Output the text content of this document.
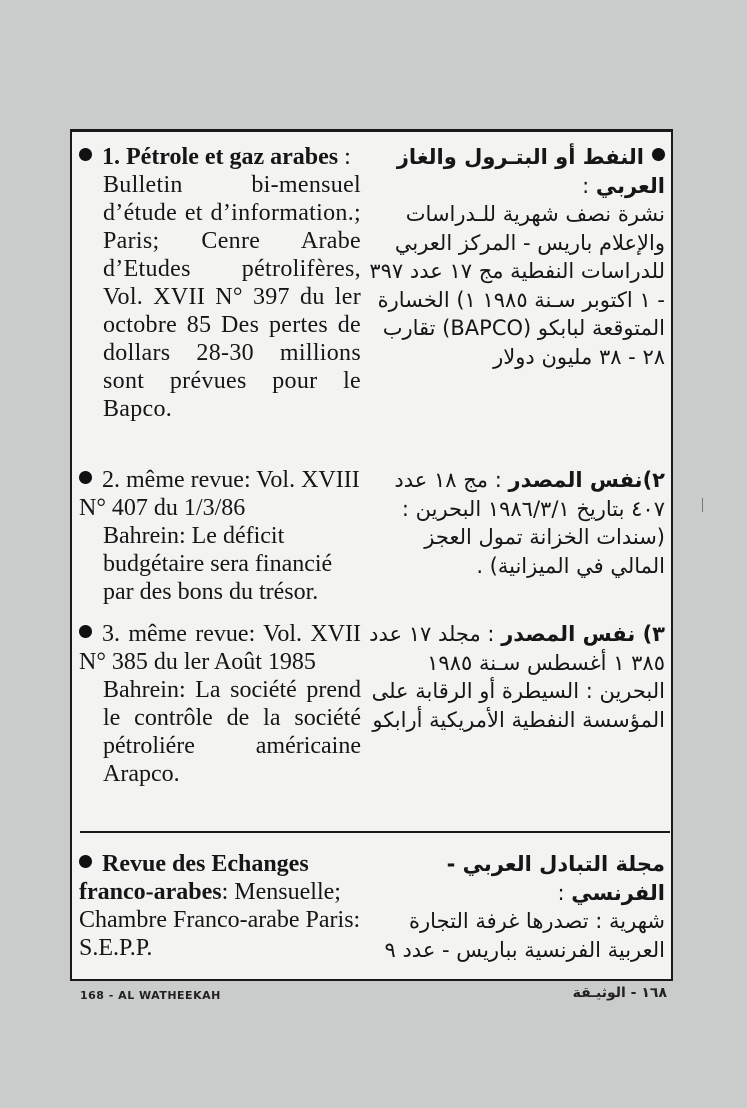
1. Pétrole et gaz arabes :
Bulletin bi-mensuel d’étude et d’information.; Paris; Cenre Arabe d’Etudes pétrolifères, Vol. XVII N° 397 du ler octobre 85 Des pertes de dollars 28-30 millions sont prévues pour le Bapco.
2. même revue: Vol. XVIII N° 407 du 1/3/86
Bahrein: Le déficit budgétaire sera financié par des bons du trésor.
3. même revue: Vol. XVII N° 385 du ler Août 1985
Bahrein: La société prend le contrôle de la société pétroliére américaine Arapco.
Revue des Echanges franco-arabes: Mensuelle; Chambre Franco-arabe Paris: S.E.P.P.
النفط أو البتـرول والغاز العربي :
نشرة نصف شهرية للـدراسات والإعلام باريس - المركز العربي للدراسات النفطية مج ١٧ عدد ٣٩٧ - ١ اكتوبر سـنة ١٩٨٥ ١) الخسارة المتوقعة لبابكو (BAPCO) تقارب ٢٨ - ٣٨ مليون دولار
٢)نفس المصدر : مج ١٨ عدد ٤٠٧ بتاريخ ١٩٨٦/٣/١ البحرين : (سندات الخزانة تمول العجز المالي في الميزانية) .
٣) نفس المصدر : مجلد ١٧ عدد ٣٨٥ ١ أغسطس سـنة ١٩٨٥ البحرين : السيطرة أو الرقابة على المؤسسة النفطية الأمريكية أرابكو
مجلة التبادل العربي - الفرنسي :
شهرية : تصدرها غرفة التجارة العربية الفرنسية بباريس - عدد ٩
168 - AL WATHEEKAH	١٦٨ - الوثيـقة
